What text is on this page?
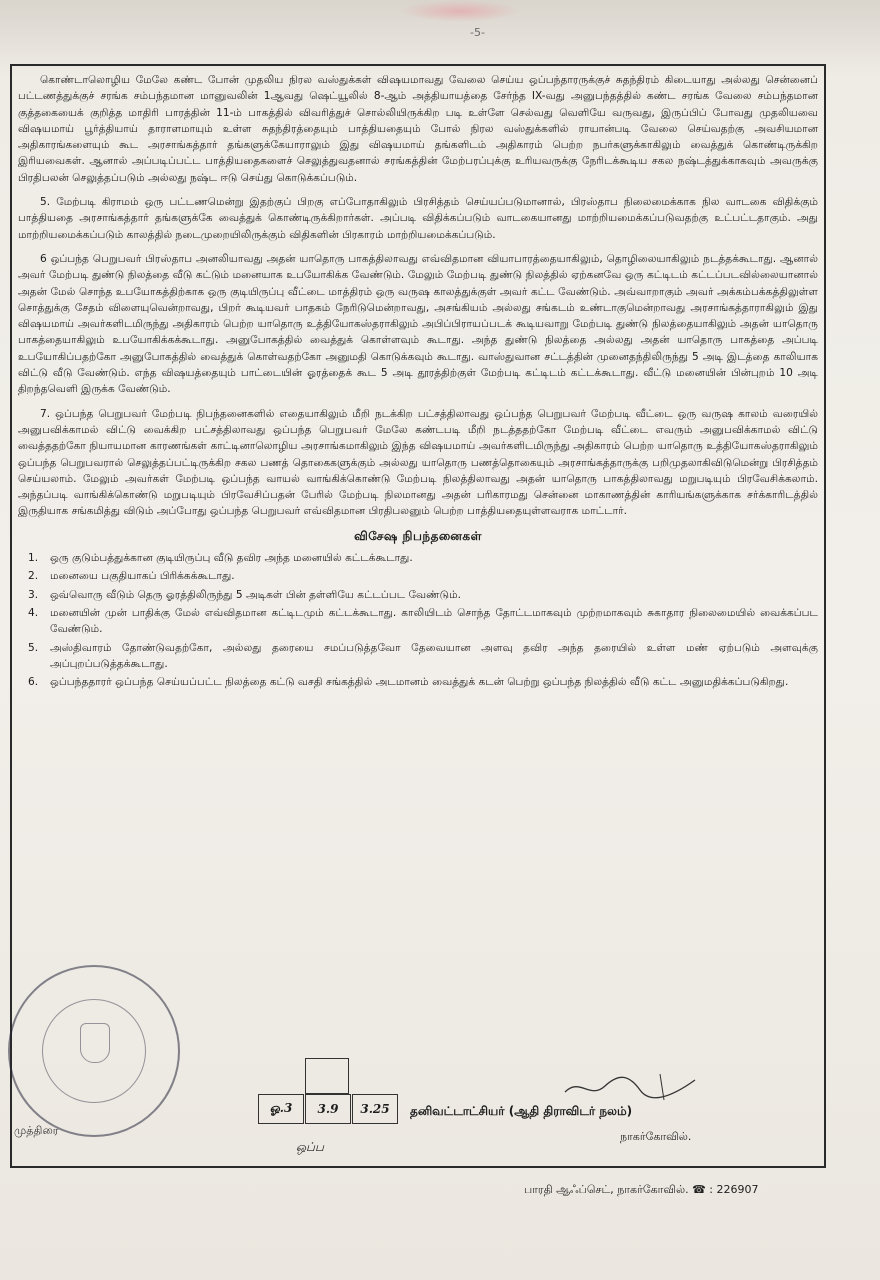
-5-

கொண்டாலொழிய மேலே கண்ட போன் முதலிய நிரல வஸ்துக்கள் விஷயமாவது வேலை செய்ய ஒப்பந்தாரருக்குச் சுதந்திரம் கிடையாது அல்லது சென்னைப் பட்டணத்துக்குச் சரங்க சம்பந்தமான மானுவலின் 1ஆவது ஷெட்யூலில் 8-ஆம் அத்தியாயத்தை சேர்ந்த IX-வது அனுபந்தத்தில் கண்ட சரங்க வேலை சம்பந்தமான குத்தகையைக் குறித்த மாதிரி பாரத்தின் 11-ம் பாகத்தில் விவரித்துச் சொல்லியிருக்கிற படி உள்ளே செல்வது வெளியே வருவது, இருப்பிப் போவது முதலியவை விஷயமாய் பூர்த்தியாய் தாராளமாயும் உள்ள சுதந்திரத்தையும் பாத்தியதையும் போல் நிரல வஸ்துக்களில் ராயான்படி வேலை செய்வதற்கு அவசியமான அதிகாரங்களையும் கூட அரசாங்கத்தார் தங்களுக்கேயாராலும் இது விஷயமாய் தங்களிடம் அதிகாரம் பெற்ற நபர்களுக்காகிலும் வைத்துக் கொண்டிருக்கிற இரியவைகள். ஆனால் அப்படிப்பட்ட பாத்தியதைகளைச் செலுத்துவதனால் சரங்கத்தின் மேற்பரப்புக்கு உரியவருக்கு நேரிடக்கூடிய சகல நஷ்டத்துக்காகவும் அவருக்கு பிரதிபலன் செலுத்தப்படும் அல்லது நஷ்ட ஈடு செய்து கொடுக்கப்படும்.

5. மேற்படி கிராமம் ஒரு பட்டணமென்று இதற்குப் பிறகு எப்போதாகிலும் பிரசித்தம் செய்யப்படுமானால், பிரஸ்தாப நிலைமைக்காக நில வாடகை விதிக்கும் பாத்தியதை அரசாங்கத்தார் தங்களுக்கே வைத்துக் கொண்டிருக்கிறார்கள். அப்படி விதிக்கப்படும் வாடகையானது மாற்றியமைக்கப்படுவதற்கு உட்பட்டதாகும். அது மாற்றியமைக்கப்படும் காலத்தில் நடைமுறையிலிருக்கும் விதிகளின் பிரகாரம் மாற்றியமைக்கப்படும்.

6 ஒப்பந்த பெறுபவர் பிரஸ்தாப அனலியாவது அதன் யாதொரு பாகத்திலாவது எவ்விதமான வியாபாரத்தையாகிலும், தொழிலையாகிலும் நடத்தக்கூடாது. ஆனால் அவர் மேற்படி துண்டு நிலத்தை வீடு கட்டும் மனையாக உபயோகிக்க வேண்டும். மேலும் மேற்படி துண்டு நிலத்தில் ஏற்கனவே ஒரு கட்டிடம் கட்டப்படவில்லையானால் அதன் மேல் சொந்த உபயோகத்திற்காக ஒரு குடியிருப்பு வீட்டை மாத்திரம் ஒரு வருஷ காலத்துக்குள் அவர் கட்ட வேண்டும். அவ்வாறாகும் அவர் அக்கம்பக்கத்திலுள்ள சொத்துக்கு சேதம் விளையுவென்றாவது, பிறர் கூடியவர் பாதகம் நேரிடுமென்றாவது, அசங்கியம் அல்லது சங்கடம் உண்டாகுமென்றாவது அரசாங்கத்தாராகிலும் இது விஷயமாய் அவர்களிடமிருந்து அதிகாரம் பெற்ற யாதொரு உத்தியோகஸ்தராகிலும் அபிப்பிராயப்படக் கூடியவாறு மேற்படி துண்டு நிலத்தையாகிலும் அதன் யாதொரு பாகத்தையாகிலும் உபயோகிக்கக்கூடாது. அனுபோகத்தில் வைத்துக் கொள்ளவும் கூடாது. அந்த துண்டு நிலத்தை அல்லது அதன் யாதொரு பாகத்தை அப்படி உபயோகிப்பதற்கோ அனுபோகத்தில் வைத்துக் கொள்வதற்கோ அனுமதி கொடுக்கவும் கூடாது. வாஸ்துவான சட்டத்தின் முனைதந்திலிருந்து 5 அடி இடத்தை காலியாக விட்டு வீடு வேண்டும். எந்த விஷயத்தையும் பாட்டையின் ஓரத்தைக் கூட 5 அடி தூரத்திற்குள் மேற்படி கட்டிடம் கட்டக்கூடாது. வீட்டு மனையின் பின்புறம் 10 அடி திறந்தவெளி இருக்க வேண்டும்.

7. ஒப்பந்த பெறுபவர் மேற்படி நிபந்தனைகளில் எதையாகிலும் மீறி நடக்கிற பட்சத்திலாவது ஒப்பந்த பெறுபவர் மேற்படி வீட்டை ஒரு வருஷ காலம் வரையில் அனுபவிக்காமல் விட்டு வைக்கிற பட்சத்திலாவது ஒப்பந்த பெறுபவர் மேலே கண்டபடி மீறி நடத்ததற்கோ மேற்படி வீட்டை எவரும் அனுபவிக்காமல் விட்டு வைத்ததற்கோ நியாயமான காரணங்கள் காட்டினாலொழிய அரசாங்கமாகிலும் இந்த விஷயமாய் அவர்களிடமிருந்து அதிகாரம் பெற்ற யாதொரு உத்தியோகஸ்தராகிலும் ஒப்பந்த பெறுபவரால் செலுத்தப்பட்டிருக்கிற சகல பணத் தொகைகளுக்கும் அல்லது யாதொரு பணத்தொகையும் அரசாங்கத்தாருக்கு பறிமுதலாகிவிடுமென்று பிரசித்தம் செய்யலாம். மேலும் அவர்கள் மேற்படி ஒப்பந்த வாயல் வாங்கிக்கொண்டு மேற்படி நிலத்திலாவது அதன் யாதொரு பாகத்திலாவது மறுபடியும் பிரவேசிக்கலாம். அந்தப்படி வாங்கிக்கொண்டு மறுபடியும் பிரவேசிப்பதன் பேரில் மேற்படி நிலமானது அதன் பரிகாரமது சென்னை மாகாணத்தின் காரியங்களுக்காக சர்க்காரிடத்தில் இருதியாக சங்கமித்து விடும் அப்போது ஒப்பந்த பெறுபவர் எவ்விதமான பிரதிபலனும் பெற்ற பாத்தியதையுள்ளவராக மாட்டார்.

விசேஷ நிபந்தனைகள்
1.	ஒரு குடும்பத்துக்கான குடியிருப்பு வீடு தவிர அந்த மனையில் கட்டக்கூடாது.
2.	மனையை பகுதியாகப் பிரிக்கக்கூடாது.
3.	ஒவ்வொரு வீடும் தெரு ஓரத்திலிருந்து 5 அடிகள் பின் தள்ளியே கட்டப்பட வேண்டும்.
4.	மனையின் முன் பாதிக்கு மேல் எவ்விதமான கட்டிடமும் கட்டக்கூடாது. காலியிடம் சொந்த தோட்டமாகவும் முற்றமாகவும் சுகாதார நிலைமையில் வைக்கப்பட வேண்டும்.
5.	அஸ்திவாரம் தோண்டுவதற்கோ, அல்லது தரையை சமப்படுத்தவோ தேவையான அளவு தவிர அந்த தரையில் உள்ள மண் ஏற்படும் அளவுக்கு அப்புறப்படுத்தக்கூடாது.
6.	ஒப்பந்ததாரர் ஒப்பந்த செய்யப்பட்ட நிலத்தை கட்டு வசதி சங்கத்தில் அடமானம் வைத்துக் கடன் பெற்று ஒப்பந்த நிலத்தில் வீடு கட்ட அனுமதிக்கப்படுகிறது.
முத்திரை
ஓ.3	3.9	3.25	தனிவட்டாட்சியர் (ஆதி திராவிடர் நலம்)
நாகர்கோவில்.
ஒப்ப
பாரதி ஆஃப்செட், நாகர்கோவில். ☎ : 226907
